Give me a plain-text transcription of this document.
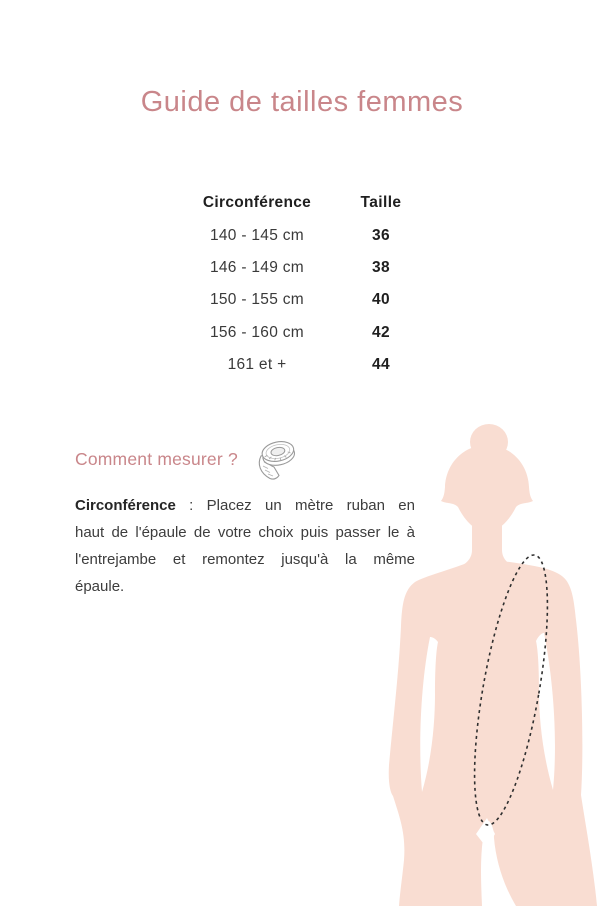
Guide de tailles femmes
Circonférence	Taille
140 - 145 cm	36
146 - 149 cm	38
150 - 155 cm	40
156 - 160 cm	42
161 et +	44
Comment mesurer ?
Circonférence : Placez un mètre ruban en
haut de l'épaule de votre choix puis passer le à
l'entrejambe et remontez jusqu'à la même
épaule.
